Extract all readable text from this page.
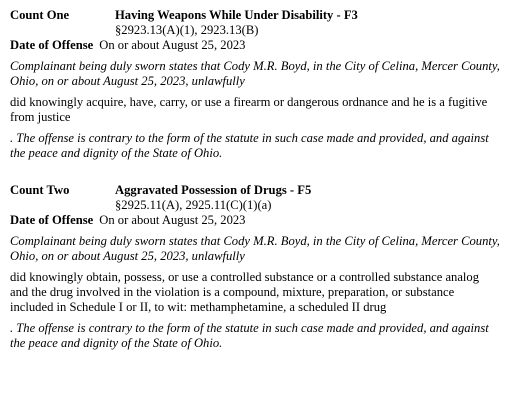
Count One	Having Weapons While Under Disability - F3
§2923.13(A)(1), 2923.13(B)
Date of Offense On or about August 25, 2023
Complainant being duly sworn states that Cody M.R. Boyd, in the City of Celina, Mercer County, Ohio, on or about August 25, 2023, unlawfully
did knowingly acquire, have, carry, or use a firearm or dangerous ordnance and he is a fugitive from justice
. The offense is contrary to the form of the statute in such case made and provided, and against the peace and dignity of the State of Ohio.
Count Two	Aggravated Possession of Drugs - F5
§2925.11(A), 2925.11(C)(1)(a)
Date of Offense On or about August 25, 2023
Complainant being duly sworn states that Cody M.R. Boyd, in the City of Celina, Mercer County, Ohio, on or about August 25, 2023, unlawfully
did knowingly obtain, possess, or use a controlled substance or a controlled substance analog and the drug involved in the violation is a compound, mixture, preparation, or substance included in Schedule I or II, to wit: methamphetamine, a scheduled II drug
. The offense is contrary to the form of the statute in such case made and provided, and against the peace and dignity of the State of Ohio.
